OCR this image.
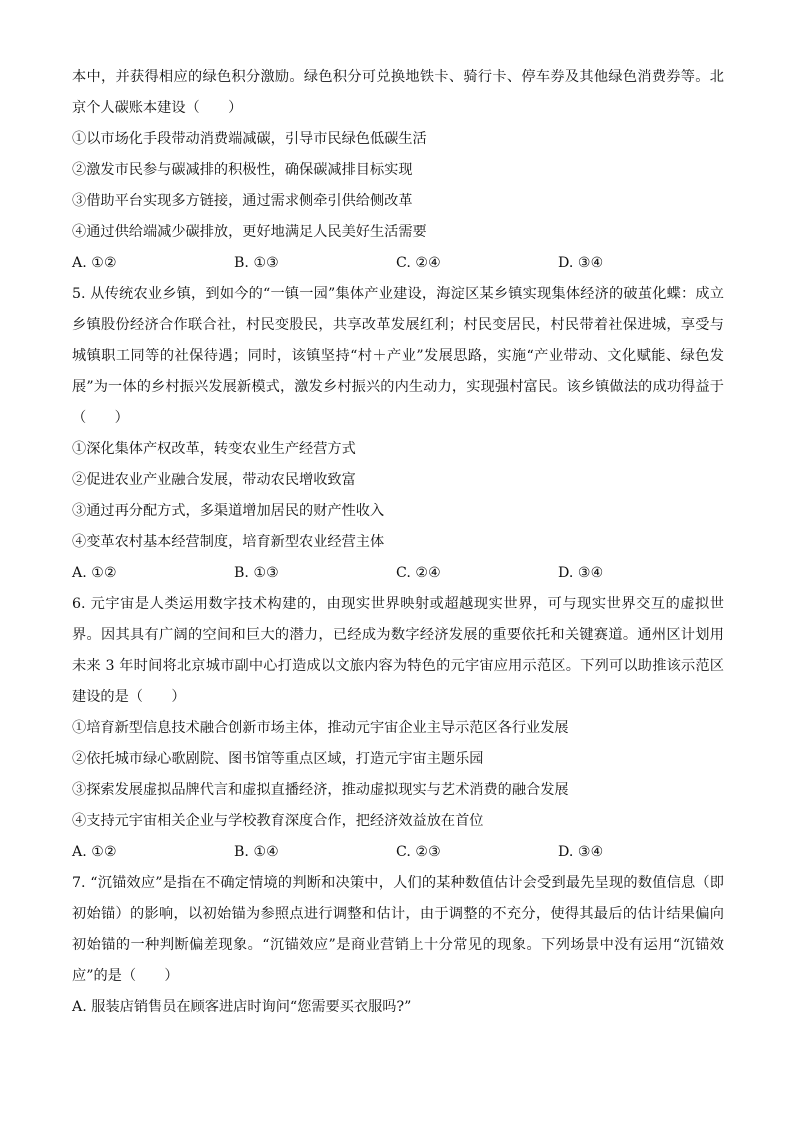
本中，并获得相应的绿色积分激励。绿色积分可兑换地铁卡、骑行卡、停车券及其他绿色消费券等。北京个人碳账本建设（　　）

①以市场化手段带动消费端减碳，引导市民绿色低碳生活

②激发市民参与碳减排的积极性，确保碳减排目标实现

③借助平台实现多方链接，通过需求侧牵引供给侧改革

④通过供给端减少碳排放，更好地满足人民美好生活需要

A. ①②	B. ①③	C. ②④	D. ③④

5. 从传统农业乡镇，到如今的“一镇一园”集体产业建设，海淀区某乡镇实现集体经济的破茧化蝶：成立乡镇股份经济合作联合社，村民变股民，共享改革发展红利；村民变居民，村民带着社保进城，享受与城镇职工同等的社保待遇；同时，该镇坚持“村＋产业”发展思路，实施“产业带动、文化赋能、绿色发展”为一体的乡村振兴发展新模式，激发乡村振兴的内生动力，实现强村富民。该乡镇做法的成功得益于（　　）

①深化集体产权改革，转变农业生产经营方式

②促进农业产业融合发展，带动农民增收致富

③通过再分配方式，多渠道增加居民的财产性收入

④变革农村基本经营制度，培育新型农业经营主体

A. ①②	B. ①③	C. ②④	D. ③④

6. 元宇宙是人类运用数字技术构建的，由现实世界映射或超越现实世界，可与现实世界交互的虚拟世界。因其具有广阔的空间和巨大的潜力，已经成为数字经济发展的重要依托和关键赛道。通州区计划用未来 3 年时间将北京城市副中心打造成以文旅内容为特色的元宇宙应用示范区。下列可以助推该示范区建设的是（　　）

①培育新型信息技术融合创新市场主体，推动元宇宙企业主导示范区各行业发展

②依托城市绿心歌剧院、图书馆等重点区域，打造元宇宙主题乐园

③探索发展虚拟品牌代言和虚拟直播经济，推动虚拟现实与艺术消费的融合发展

④支持元宇宙相关企业与学校教育深度合作，把经济效益放在首位

A. ①②	B. ①④	C. ②③	D. ③④

7. “沉锚效应”是指在不确定情境的判断和决策中，人们的某种数值估计会受到最先呈现的数值信息（即初始锚）的影响，以初始锚为参照点进行调整和估计，由于调整的不充分，使得其最后的估计结果偏向初始锚的一种判断偏差现象。“沉锚效应”是商业营销上十分常见的现象。下列场景中没有运用“沉锚效应”的是（　　）

A. 服装店销售员在顾客进店时询问“您需要买衣服吗?”
